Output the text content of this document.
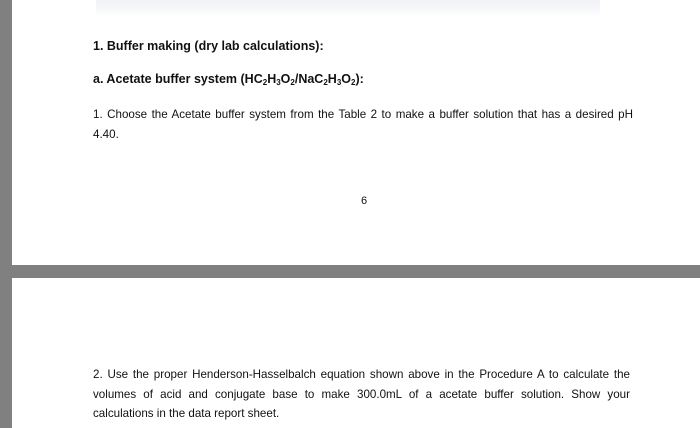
1. Buffer making (dry lab calculations):
a. Acetate buffer system $(HC_2H_3O_2/NaC_2H_3O_2)$:
1. Choose the Acetate buffer system from the Table 2 to make a buffer solution that has a desired pH 4.40.
6
2. Use the proper Henderson-Hasselbalch equation shown above in the Procedure A to calculate the volumes of acid and conjugate base to make 300.0mL of a acetate buffer solution. Show your calculations in the data report sheet.
